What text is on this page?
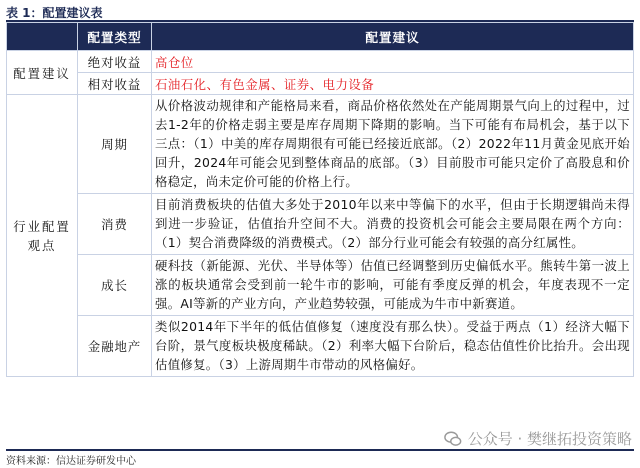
表 1：配置建议表
	配置类型	配置建议
配置建议	绝对收益	高仓位
	相对收益	石油石化、有色金属、证券、电力设备
行业配置观点	周期	从价格波动规律和产能格局来看，商品价格依然处在产能周期景气向上的过程中，过去1-2年的价格走弱主要是库存周期下降期的影响。当下可能有布局机会，基于以下三点：（1）中美的库存周期很有可能已经接近底部。（2）2022年11月黄金见底开始回升，2024年可能会见到整体商品的底部。（3）目前股市可能只定价了高股息和价格稳定，尚未定价可能的价格上行。
	消费	目前消费板块的估值大多处于2010年以来中等偏下的水平，但由于长期逻辑尚未得到进一步验证，估值抬升空间不大。消费的投资机会可能会主要局限在两个方向：（1）契合消费降级的消费模式。（2）部分行业可能会有较强的高分红属性。
	成长	硬科技（新能源、光伏、半导体等）估值已经调整到历史偏低水平。熊转牛第一波上涨的板块通常会受到前一轮牛市的影响，可能有季度反弹的机会，年度表现不一定强。AI等新的产业方向，产业趋势较强，可能成为牛市中新赛道。
	金融地产	类似2014年下半年的低估值修复（速度没有那么快）。受益于两点（1）经济大幅下台阶，景气度板块极度稀缺。（2）利率大幅下台阶后，稳态估值性价比抬升。会出现估值修复。（3）上游周期牛市带动的风格偏好。
资料来源：信达证券研发中心
公众号 · 樊继拓投资策略
